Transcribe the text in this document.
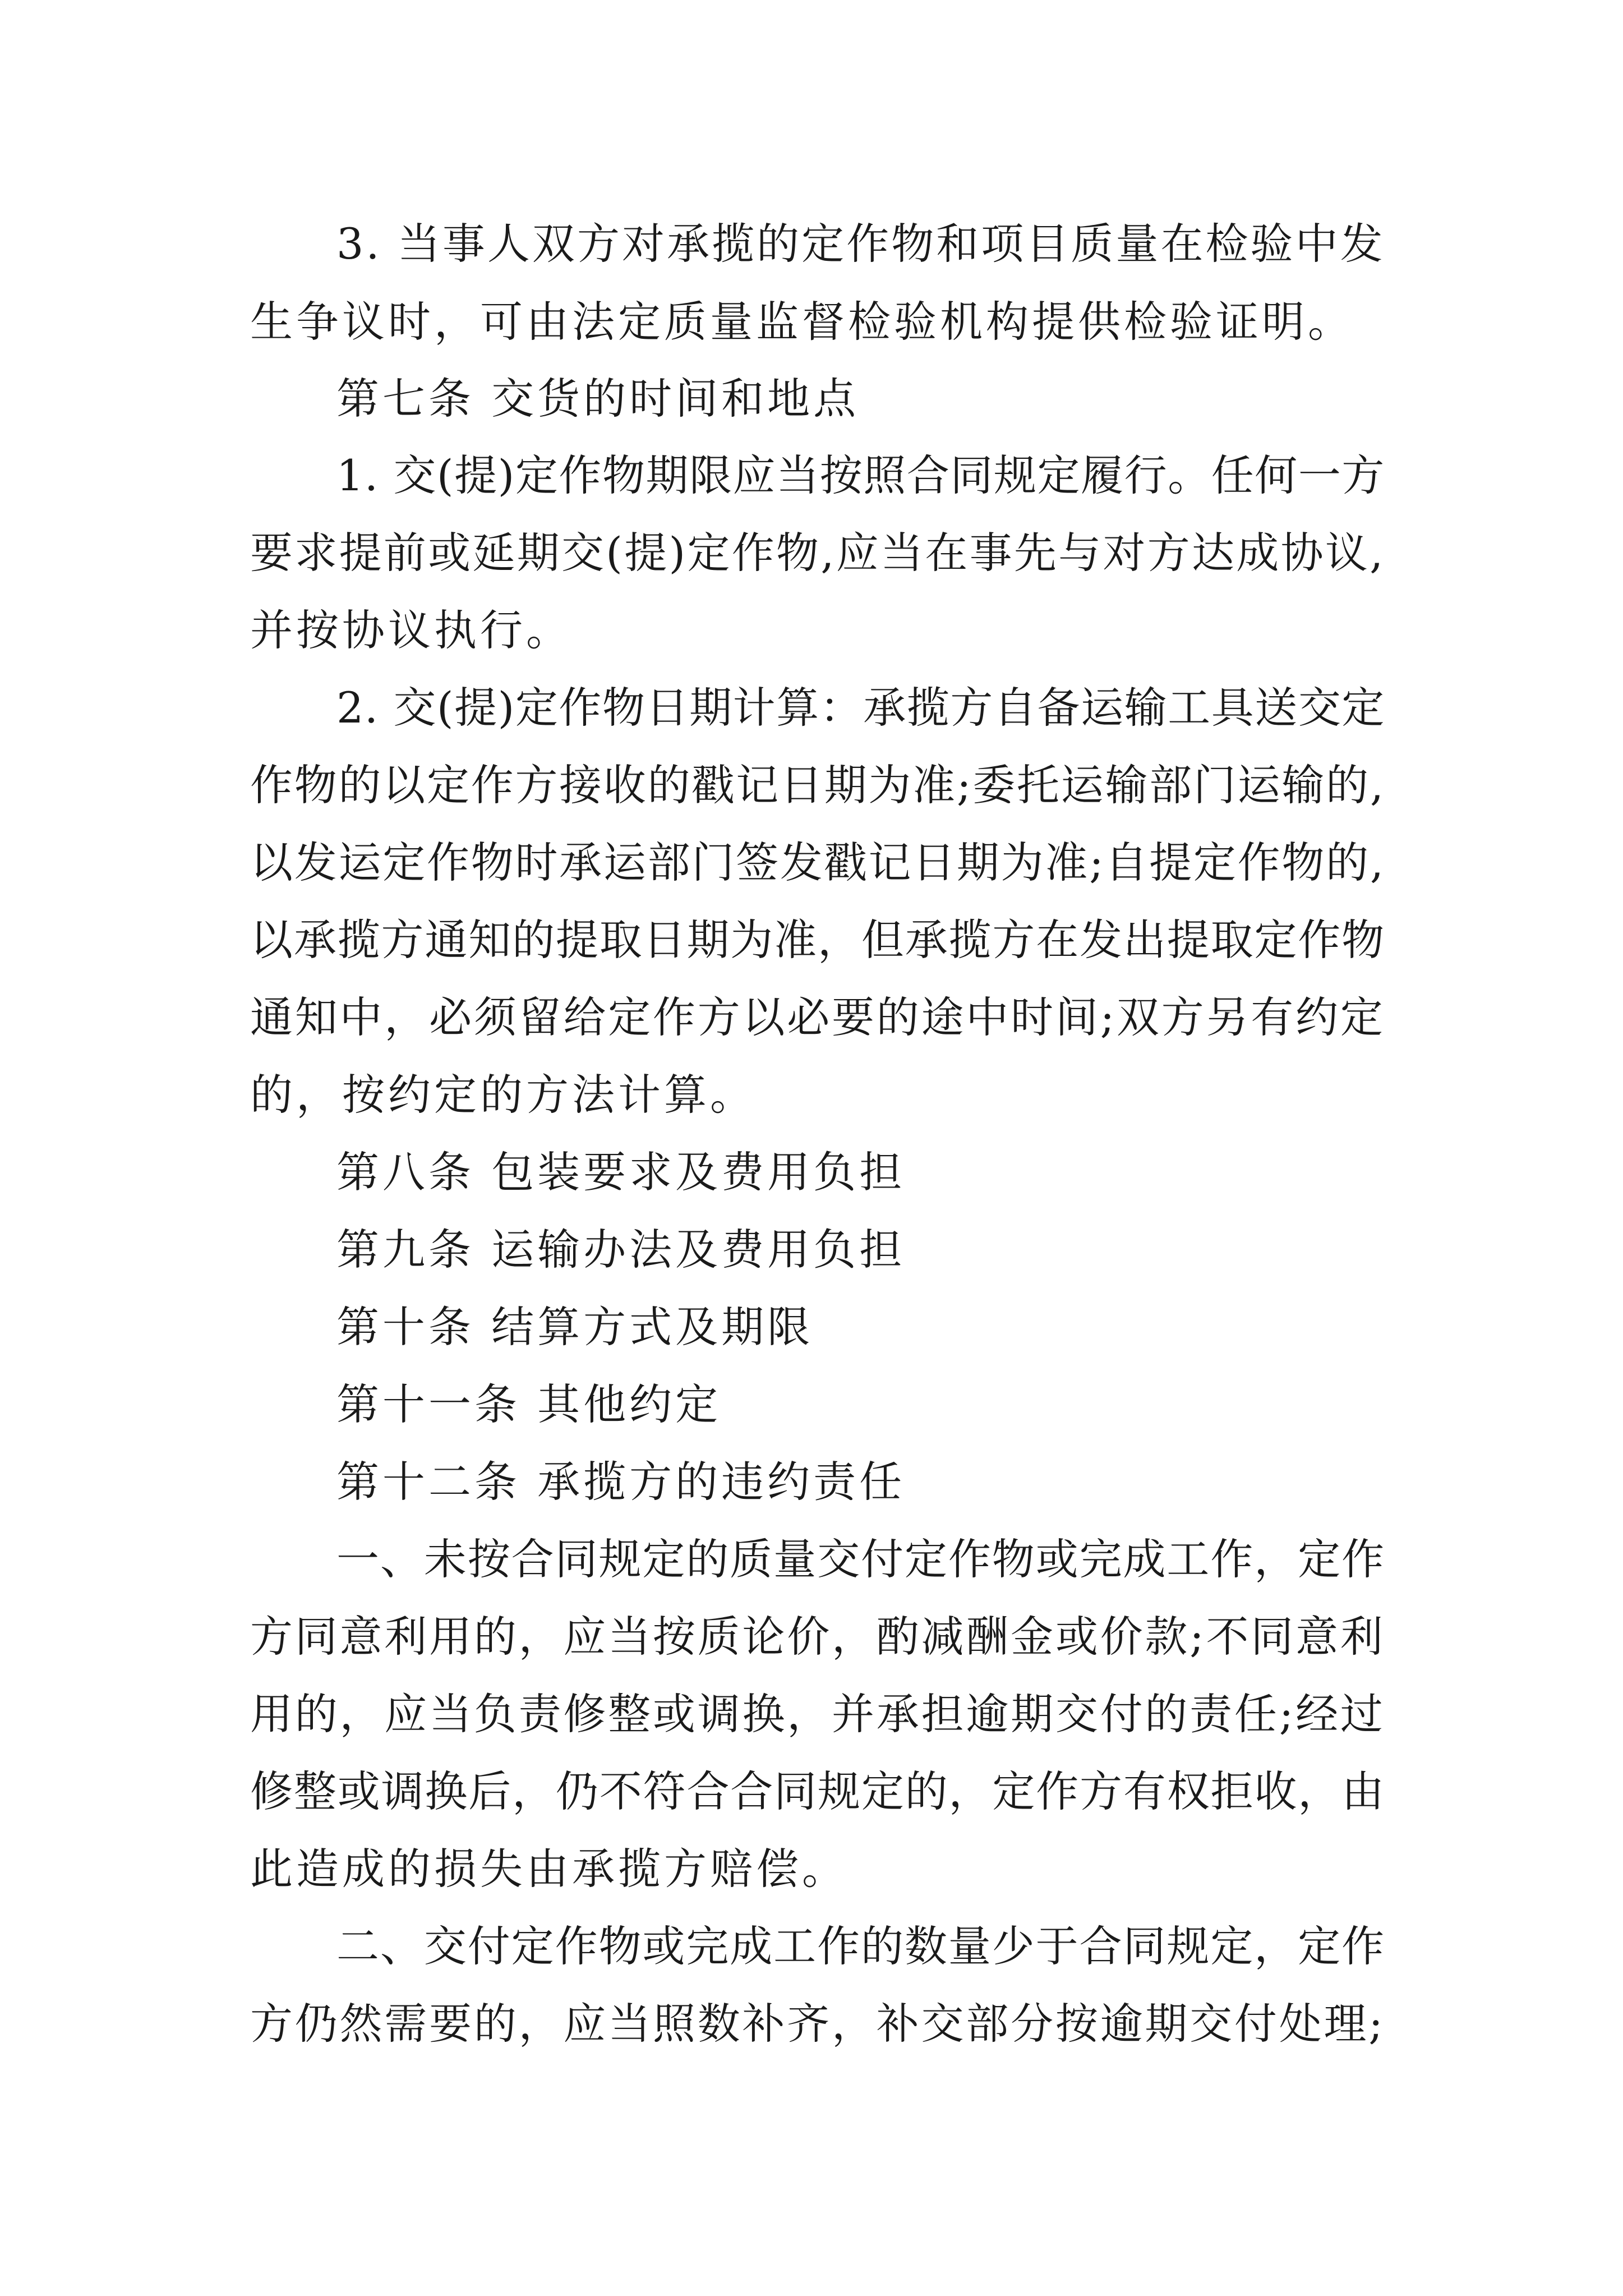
3. 当事人双方对承揽的定作物和项目质量在检验中发
生争议时，可由法定质量监督检验机构提供检验证明。
第七条 交货的时间和地点
1. 交(提)定作物期限应当按照合同规定履行。任何一方
要求提前或延期交(提)定作物,应当在事先与对方达成协议,
并按协议执行。
2. 交(提)定作物日期计算：承揽方自备运输工具送交定
作物的以定作方接收的戳记日期为准;委托运输部门运输的,
以发运定作物时承运部门签发戳记日期为准;自提定作物的,
以承揽方通知的提取日期为准，但承揽方在发出提取定作物
通知中，必须留给定作方以必要的途中时间;双方另有约定
的，按约定的方法计算。
第八条 包装要求及费用负担
第九条 运输办法及费用负担
第十条 结算方式及期限
第十一条 其他约定
第十二条 承揽方的违约责任
一、未按合同规定的质量交付定作物或完成工作，定作
方同意利用的，应当按质论价，酌减酬金或价款;不同意利
用的，应当负责修整或调换，并承担逾期交付的责任;经过
修整或调换后，仍不符合合同规定的，定作方有权拒收，由
此造成的损失由承揽方赔偿。
二、交付定作物或完成工作的数量少于合同规定，定作
方仍然需要的，应当照数补齐，补交部分按逾期交付处理;
